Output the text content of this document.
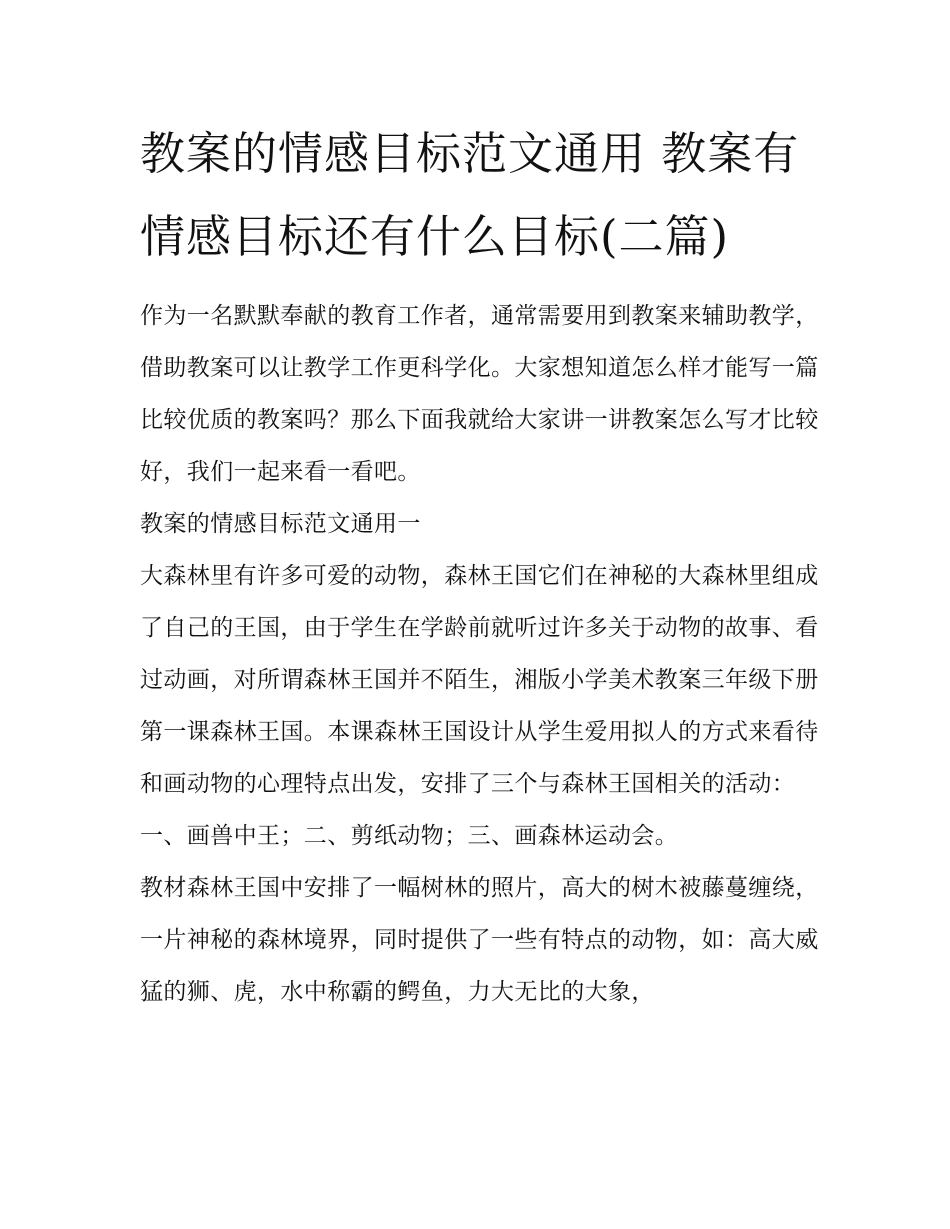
教案的情感目标范文通用 教案有情感目标还有什么目标(二篇)

作为一名默默奉献的教育工作者，通常需要用到教案来辅助教学，借助教案可以让教学工作更科学化。大家想知道怎么样才能写一篇比较优质的教案吗？那么下面我就给大家讲一讲教案怎么写才比较好，我们一起来看一看吧。

教案的情感目标范文通用一

大森林里有许多可爱的动物，森林王国它们在神秘的大森林里组成了自己的王国，由于学生在学龄前就听过许多关于动物的故事、看过动画，对所谓森林王国并不陌生，湘版小学美术教案三年级下册第一课森林王国。本课森林王国设计从学生爱用拟人的方式来看待和画动物的心理特点出发，安排了三个与森林王国相关的活动：一、画兽中王；二、剪纸动物；三、画森林运动会。

教材森林王国中安排了一幅树林的照片，高大的树木被藤蔓缠绕，一片神秘的森林境界，同时提供了一些有特点的动物，如：高大威猛的狮、虎，水中称霸的鳄鱼，力大无比的大象，
